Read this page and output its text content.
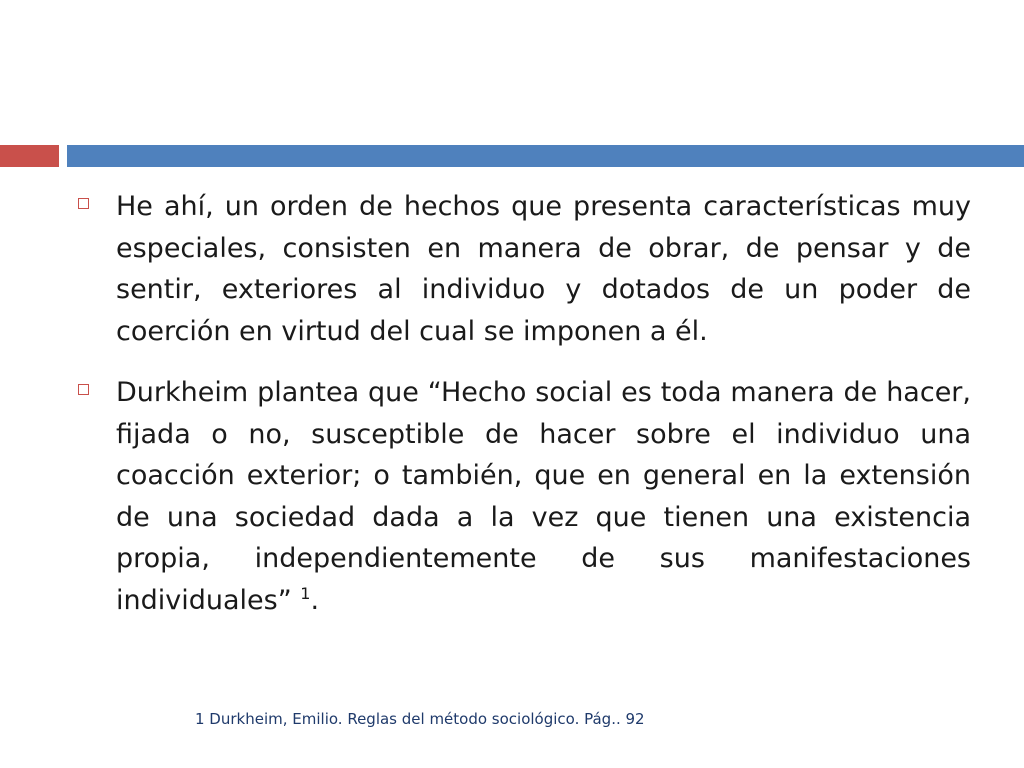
He ahí, un orden de hechos que presenta características muy especiales, consisten en manera de obrar, de pensar y de sentir, exteriores al individuo y dotados de un poder de coerción en virtud del cual se imponen a él.
Durkheim plantea que “Hecho social es toda manera de hacer, fijada o no, susceptible de hacer sobre el individuo una coacción exterior; o también, que en general en la extensión de una sociedad dada a la vez que tienen una existencia propia, independientemente de sus manifestaciones individuales” $^1$.
1 Durkheim, Emilio. Reglas del método sociológico. Pág.. 92
